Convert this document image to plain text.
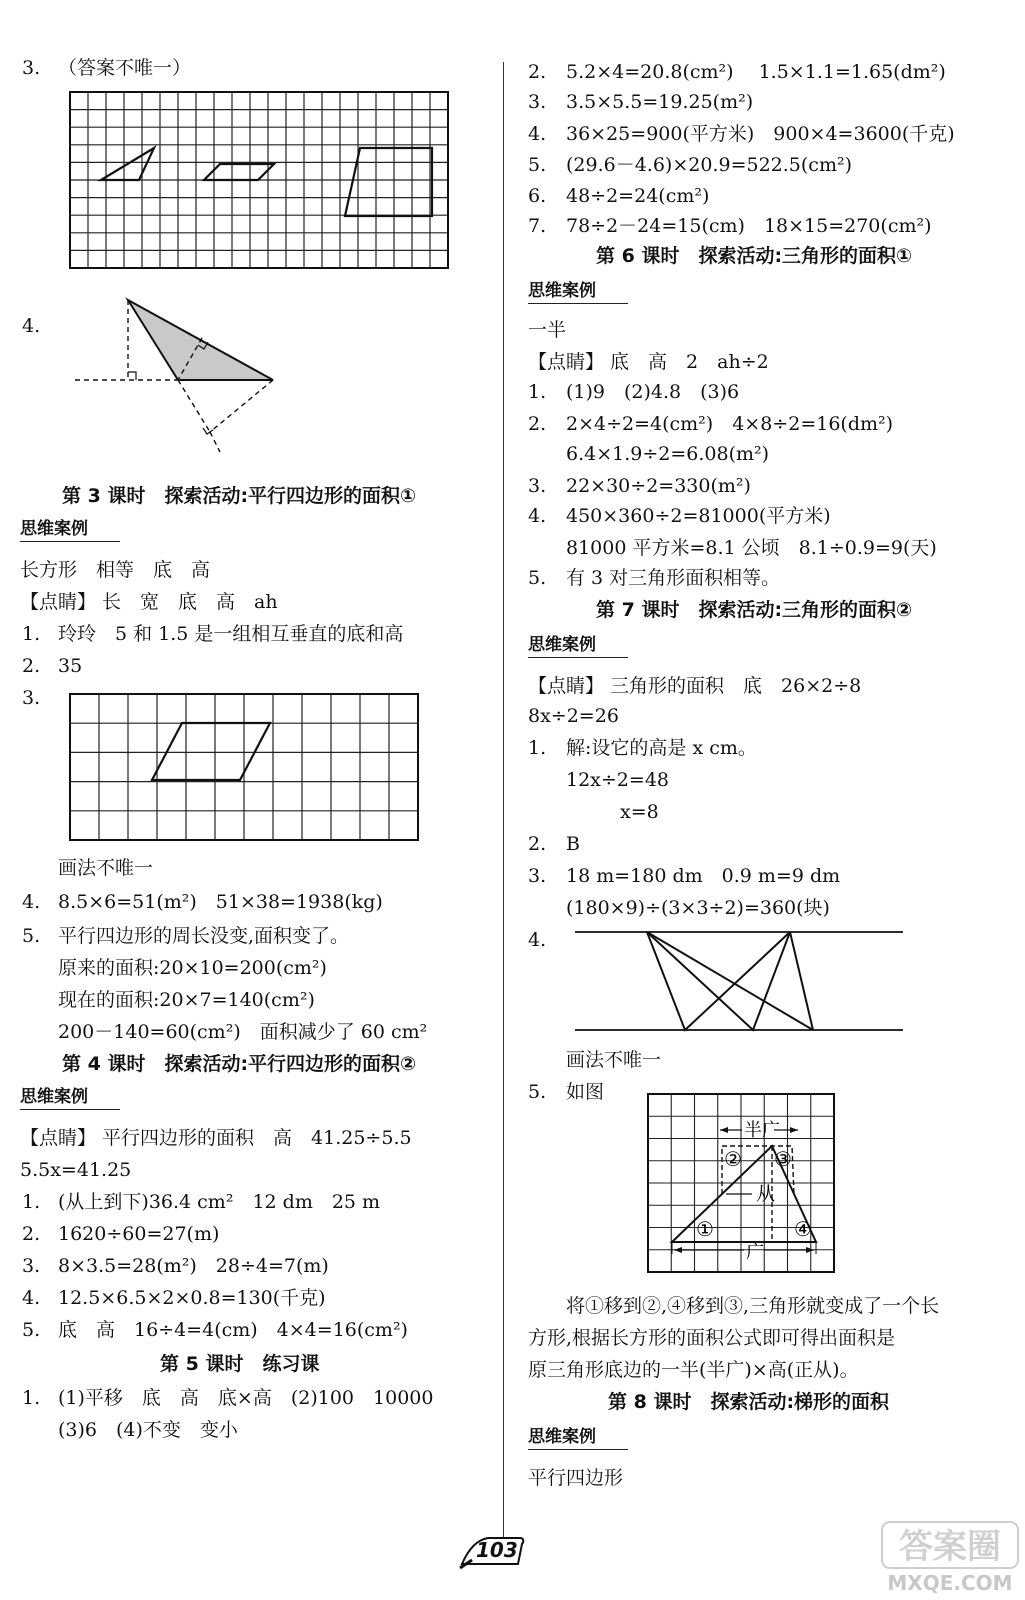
3. （答案不唯一）
4.
第 3 课时　探索活动:平行四边形的面积①
思维案例
长方形　相等　底　高
【点睛】 长　宽　底　高　ah
1. 玲玲　5 和 1.5 是一组相互垂直的底和高
2. 35
3.
画法不唯一
4. 8.5×6=51(m²)　51×38=1938(kg)
5. 平行四边形的周长没变,面积变了。
原来的面积:20×10=200(cm²)
现在的面积:20×7=140(cm²)
200－140=60(cm²)　面积减少了 60 cm²
第 4 课时　探索活动:平行四边形的面积②
思维案例
【点睛】 平行四边形的面积　高　41.25÷5.5
5.5x=41.25
1. (从上到下)36.4 cm²　12 dm　25 m
2. 1620÷60=27(m)
3. 8×3.5=28(m²)　28÷4=7(m)
4. 12.5×6.5×2×0.8=130(千克)
5. 底　高　16÷4=4(cm)　4×4=16(cm²)
第 5 课时　练习课
1. (1)平移　底　高　底×高　(2)100　10000
(3)6　(4)不变　变小
2. 5.2×4=20.8(cm²)　 1.5×1.1=1.65(dm²)
3. 3.5×5.5=19.25(m²)
4. 36×25=900(平方米)　900×4=3600(千克)
5. (29.6－4.6)×20.9=522.5(cm²)
6. 48÷2=24(cm²)
7. 78÷2－24=15(cm)　18×15=270(cm²)
第 6 课时　探索活动:三角形的面积①
思维案例
一半
【点睛】 底　高　2　ah÷2
1. (1)9　(2)4.8　(3)6
2. 2×4÷2=4(cm²)　4×8÷2=16(dm²)
6.4×1.9÷2=6.08(m²)
3. 22×30÷2=330(m²)
4. 450×360÷2=81000(平方米)
81000 平方米=8.1 公顷　8.1÷0.9=9(天)
5. 有 3 对三角形面积相等。
第 7 课时　探索活动:三角形的面积②
思维案例
【点睛】 三角形的面积　底　26×2÷8
8x÷2=26
1. 解:设它的高是 x cm。
12x÷2=48
x=8
2. B
3. 18 m=180 dm　0.9 m=9 dm
(180×9)÷(3×3÷2)=360(块)
4.
画法不唯一
5. 如图
半广
从
广
①
② ③
④
将①移到②,④移到③,三角形就变成了一个长
方形,根据长方形的面积公式即可得出面积是
原三角形底边的一半(半广)×高(正从)。
第 8 课时　探索活动:梯形的面积
思维案例
平行四边形
103	答案圈
MXQE.COM
